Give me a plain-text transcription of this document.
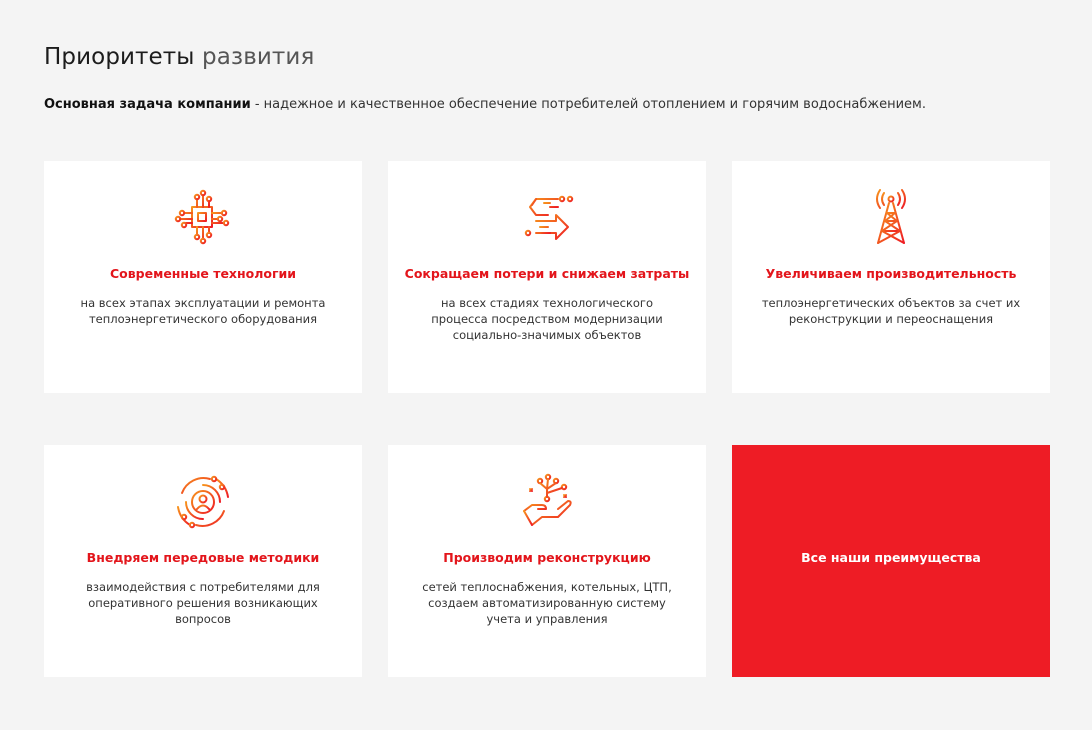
Приоритеты развития
Основная задача компании - надежное и качественное обеспечение потребителей отоплением и горячим водоснабжением.
Современные технологии
на всех этапах эксплуатации и ремонта
теплоэнергетического оборудования
Сокращаем потери и снижаем затраты
на всех стадиях технологического
процесса посредством модернизации
социально-значимых объектов
Увеличиваем производительность
теплоэнергетических объектов за счет их
реконструкции и переоснащения
Внедряем передовые методики
взаимодействия с потребителями для
оперативного решения возникающих
вопросов
Производим реконструкцию
сетей теплоснабжения, котельных, ЦТП,
создаем автоматизированную систему
учета и управления
Все наши преимущества
